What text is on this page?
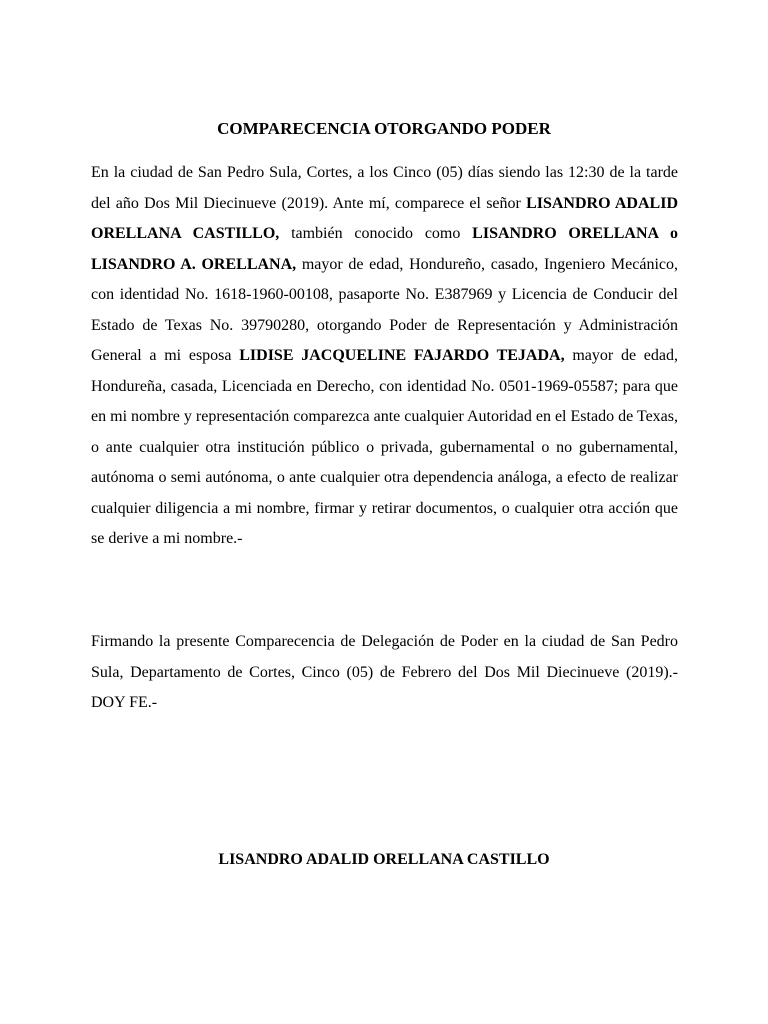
COMPARECENCIA OTORGANDO PODER

En la ciudad de San Pedro Sula, Cortes, a los Cinco (05) días siendo las 12:30 de la tarde del año Dos Mil Diecinueve (2019). Ante mí, comparece el señor LISANDRO ADALID ORELLANA CASTILLO, también conocido como LISANDRO ORELLANA o LISANDRO A. ORELLANA, mayor de edad, Hondureño, casado, Ingeniero Mecánico, con identidad No. 1618-1960-00108, pasaporte No. E387969 y Licencia de Conducir del Estado de Texas No. 39790280, otorgando Poder de Representación y Administración General a mi esposa LIDISE JACQUELINE FAJARDO TEJADA, mayor de edad, Hondureña, casada, Licenciada en Derecho, con identidad No. 0501-1969-05587; para que en mi nombre y representación comparezca ante cualquier Autoridad en el Estado de Texas, o ante cualquier otra institución público o privada, gubernamental o no gubernamental, autónoma o semi autónoma, o ante cualquier otra dependencia análoga, a efecto de realizar cualquier diligencia a mi nombre, firmar y retirar documentos, o cualquier otra acción que se derive a mi nombre.-

Firmando la presente Comparecencia de Delegación de Poder en la ciudad de San Pedro Sula, Departamento de Cortes, Cinco (05) de Febrero del Dos Mil Diecinueve (2019).- DOY FE.-

LISANDRO ADALID ORELLANA CASTILLO
